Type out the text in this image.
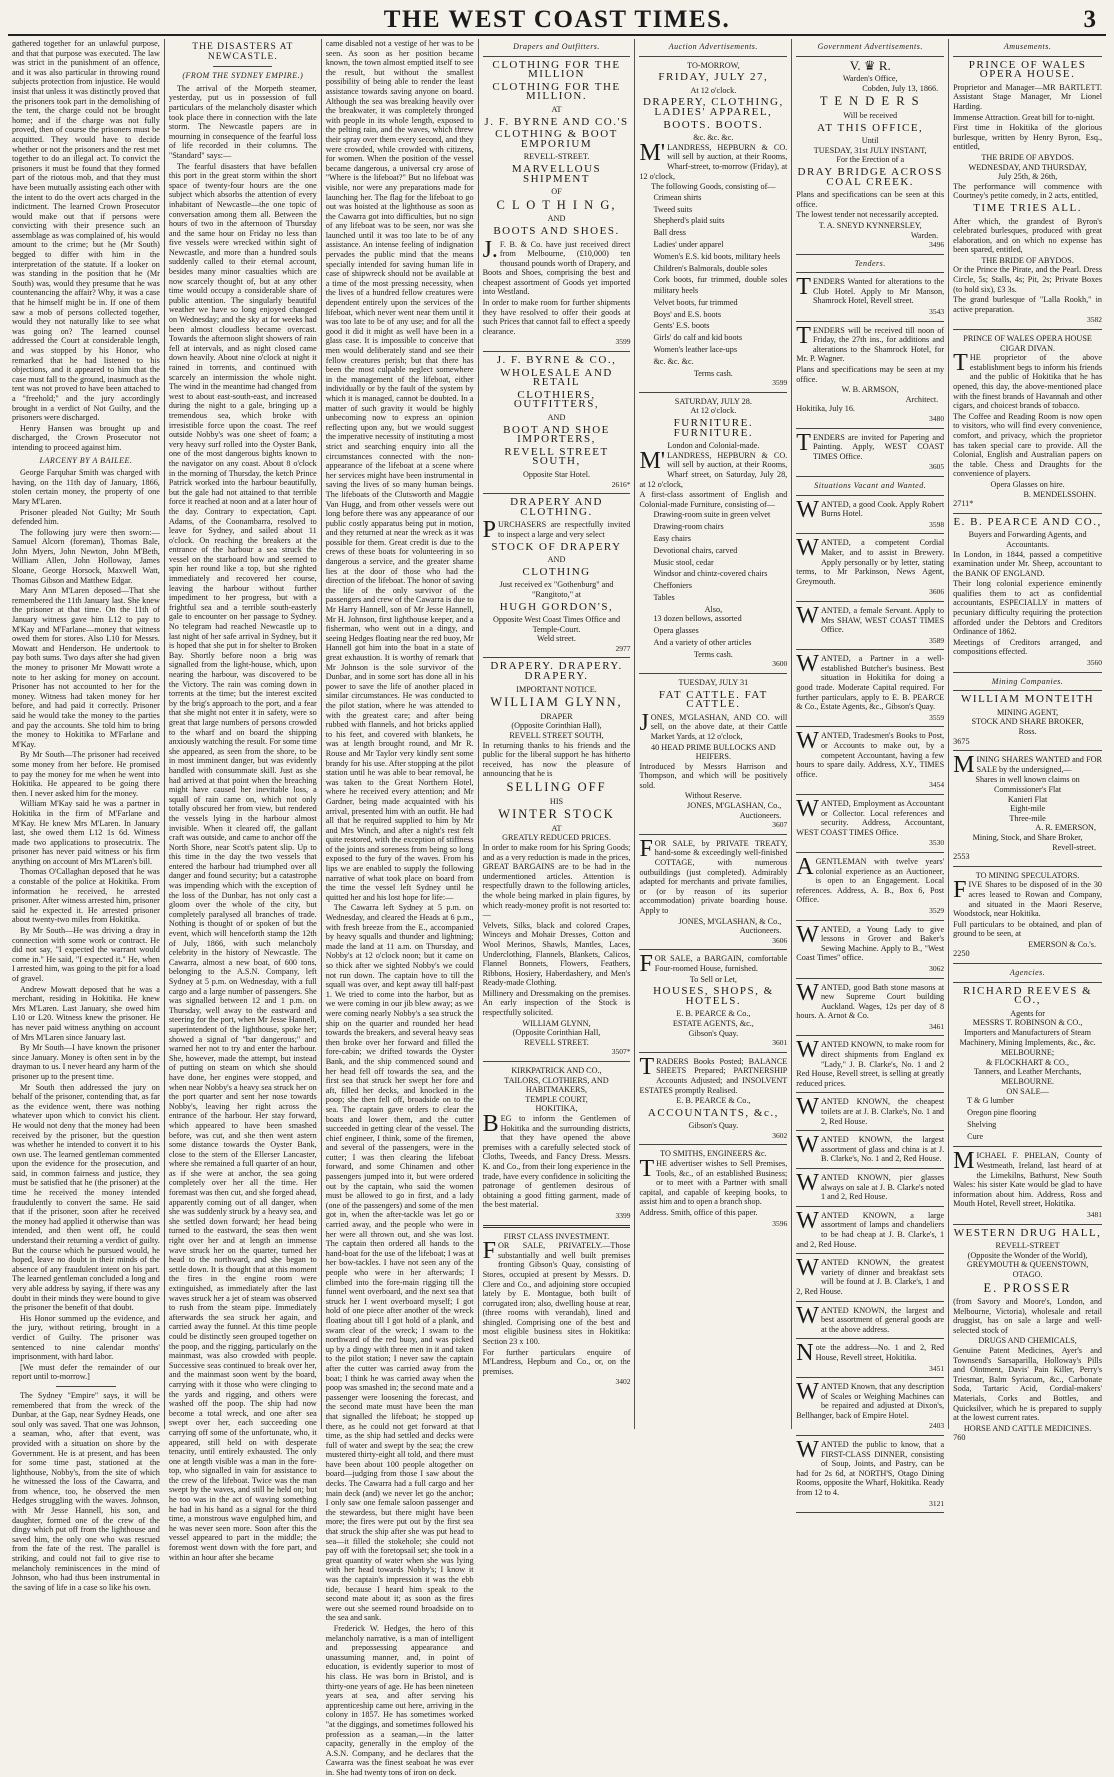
THE WEST COAST TIMES.	3

gathered together for an unlawful purpose, and that that purpose was executed. The law was strict in the punishment of an offence, and it was also particular in throwing round subjects protection from injustice. He would insist that unless it was distinctly proved that the prisoners took part in the demolishing of the tent, the charge could not be brought home; and if the charge was not fully proved, then of course the prisoners must be acquitted. They would have to decide whether or not the prisoners and the rest met together to do an illegal act. To convict the prisoners it must be found that they formed part of the riotous mob, and that they must have been mutually assisting each other with the intent to do the overt acts charged in the indictment. The learned Crown Prosecutor would make out that if persons were convicting with their presence such an assemblage as was complained of, his would amount to the crime; but he (Mr South) begged to differ with him in the interpretation of the statute. If a looker on was standing in the position that he (Mr South) was, would they presume that he was countenancing the affair? Why, it was a case that he himself might be in. If one of them saw a mob of persons collected together, would they not naturally like to see what was going on? The learned counsel addressed the Court at considerable length, and was stopped by his Honor, who remarked that he had listened to his objections, and it appeared to him that the case must fall to the ground, inasmuch as the tent was not proved to have been attached to a "freehold;" and the jury accordingly brought in a verdict of Not Guilty, and the prisoners were discharged.

Henry Hansen was brought up and discharged, the Crown Prosecutor not intending to proceed against him.

LARCENY BY A BAILEE.

George Farquhar Smith was charged with having, on the 11th day of January, 1866, stolen certain money, the property of one Mary M'Laren.

Prisoner pleaded Not Guilty; Mr South defended him.

The following jury were then sworn:—Samuel Alcorn (foreman), Thomas Bale, John Myers, John Newton, John M'Beth, William Allen, John Holloway, James Sloane, George Horsock, Maxwell Watt, Thomas Gibson and Matthew Edgar.

Mary Ann M'Laren deposed—That she remembered the 11th January last. She knew the prisoner at that time. On the 11th of January witness gave him L12 to pay to M'Kay and M'Farlane—money that witness owed them for stores. Also L10 for Messrs. Mowatt and Henderson. He undertook to pay both sums. Two days after she had given the money to prisoner Mr Mowatt wrote a note to her asking for money on account. Prisoner has not accounted to her for the money. Witness had taken money for her before, and had paid it correctly. Prisoner said he would take the money to the parties and pay the accounts. She told him to bring the money to Hokitika to M'Farlane and M'Kay.

By Mr South—The prisoner had received some money from her before. He promised to pay the money for me when he went into Hokitika. He appeared to be going there then. I never asked him for the money.

William M'Kay said he was a partner in Hokitika in the firm of M'Farlane and M'Kay. He knew Mrs M'Laren. In January last, she owed them L12 1s 6d. Witness made two applications to prosecutrix. The prisoner has never paid witness or his firm anything on account of Mrs M'Laren's bill.

Thomas O'Callaghan deposed that he was a constable of the police at Hokitika. From information he received, he arrested prisoner. After witness arrested him, prisoner said he expected it. He arrested prisoner about twenty-two miles from Hokitika.

By Mr South—He was driving a dray in connection with some work or contract. He did not say, "I expected the warrant would come in." He said, "I expected it." He, when I arrested him, was going to the pit for a load of gravel.

Andrew Mowatt deposed that he was a merchant, residing in Hokitika. He knew Mrs M'Laren. Last January, she owed him L10 or L20. Witness knew the prisoner. He has never paid witness anything on account of Mrs M'Laren since January last.

By Mr South—I have known the prisoner since January. Money is often sent in by the drayman to us. I never heard any harm of the prisoner up to the present time.

Mr South then addressed the jury on behalf of the prisoner, contending that, as far as the evidence went, there was nothing whatever upon which to convict his client. He would not deny that the money had been received by the prisoner, but the question was whether he intended to convert it to his own use. The learned gentleman commented upon the evidence for the prosecution, and said, in common fairness and justice, they must be satisfied that he (the prisoner) at the time he received the money intended fraudulently to convert the same. He said that if the prisoner, soon after he received the money had applied it otherwise than was intended, and then went off, he could understand their returning a verdict of guilty. But the course which he pursued would, he hoped, leave no doubt in their minds of the absence of any fraudulent intent on his part. The learned gentleman concluded a long and very able address by saying, if there was any doubt in their minds they were bound to give the prisoner the benefit of that doubt.

His Honor summed up the evidence, and the jury, without retiring, brought in a verdict of Guilty. The prisoner was sentenced to nine calendar months' imprisonment, with hard labor.

[We must defer the remainder of our report until to-morrow.]

The Sydney "Empire" says, it will be remembered that from the wreck of the Dunbar, at the Gap, near Sydney Heads, one soul only was saved. That one was Johnson, a seaman, who, after that event, was provided with a situation on shore by the Government. He is at present, and has been for some time past, stationed at the lighthouse, Nobby's, from the site of which he witnessed the loss of the Cawarra, and from whence, too, he observed the men Hedges struggling with the waves. Johnson, with Mr Jesse Hannell, his son, and daughter, formed one of the crew of the dingy which put off from the lighthouse and saved him, the only one who was rescued from the fate of the rest. The parallel is striking, and could not fail to give rise to melancholy reminiscences in the mind of Johnson, who had thus been instrumental in the saving of life in a case so like his own.

THE DISASTERS AT NEWCASTLE.
(FROM THE SYDNEY EMPIRE.)

The arrival of the Morpeth steamer, yesterday, put us in possession of full particulars of the melancholy disaster which took place there in connection with the late storm. The Newcastle papers are in mourning in consequence of the fearful loss of life recorded in their columns. The "Standard" says:—

The fearful disasters that have befallen this port in the great storm within the short space of twenty-four hours are the one subject which absorbs the attention of every inhabitant of Newcastle—the one topic of conversation among them all. Between the hours of two in the afternoon of Thursday and the same hour on Friday no less than five vessels were wrecked within sight of Newcastle, and more than a hundred souls suddenly called to their eternal account, besides many minor casualties which are now scarcely thought of, but at any other time would occupy a considerable share of public attention. The singularly beautiful weather we have so long enjoyed changed on Wednesday; and the sky at for weeks had been almost cloudless became overcast. Towards the afternoon slight showers of rain fell at intervals, and as night closed came down heavily. About nine o'clock at night it rained in torrents, and continued with scarcely an intermission the whole night. The wind in the meantime had changed from west to about east-south-east, and increased during the night to a gale, bringing up a tremendous sea, which broke with irresistible force upon the coast. The reef outside Nobby's was one sheet of foam; a very heavy surf rolled into the Oyster Bank, one of the most dangerous bights known to the navigator on any coast. About 8 o'clock in the morning of Thursday, the ketch Prince Patrick worked into the harbour beautifully, but the gale had not attained to that terrible force it reached at noon and at a later hour of the day. Contrary to expectation, Capt. Adams, of the Coonambarra, resolved to leave for Sydney, and sailed about 11 o'clock. On reaching the breakers at the entrance of the harbour a sea struck the vessel on the starboard bow and seemed to spin her round like a top, but she righted immediately and recovered her course, leaving the harbour without further impediment to her progress, but with a frightful sea and a terrible south-easterly gale to encounter on her passage to Sydney. No telegram had reached Newcastle up to last night of her safe arrival in Sydney, but it is hoped that she put in for shelter to Broken Bay. Shortly before noon a brig was signalled from the light-house, which, upon nearing the harbour, was discovered to be the Victory. The rain was coming down in torrents at the time; but the interest excited by the brig's approach to the port, and a fear that she might not enter it in safety, were so great that large numbers of persons crowded to the wharf and on board the shipping anxiously watching the result. For some time she appeared, as seen from the shore, to be in most imminent danger, but was evidently handled with consummate skill. Just as she had arrived at that point when the breaching might have caused her inevitable loss, a squall of rain came on, which not only totally obscured her from view, but rendered the vessels lying in the harbour almost invisible. When it cleared off, the gallant craft was outside, and came to anchor off the North Shore, near Scott's patent slip. Up to this time in the day the two vessels that entered the harbour had triumphed over all danger and found security; but a catastrophe was impending which with the exception of the loss of the Dunbar, has not only cast a gloom over the whole of the city, but completely paralysed all branches of trade. Nothing is thought of or spoken of but the event, which will henceforth stamp the 12th of July, 1866, with such melancholy celebrity in the history of Newcastle. The Cawarra, almost a new boat, of 600 tons, belonging to the A.S.N. Company, left Sydney at 5 p.m. on Wednesday, with a full cargo and a large number of passengers. She was signalled between 12 and 1 p.m. on Thursday, well away to the eastward and steering for the port, when Mr Jesse Hannell, superintendent of the lighthouse, spoke her; showed a signal of "bar dangerous;" and warned her not to try and enter the harbour. She, however, made the attempt, but instead of putting on steam on which she should have done, her engines were stopped, and when near Nobby's a heavy sea struck her on the port quarter and sent her nose towards Nobby's, leaving her right across the entrance of the harbour. Her stay forward, which appeared to have been smashed before, was cut, and she then went astern some distance towards the Oyster Bank, close to the stern of the Ellerser Lancaster, where she remained a full quarter of an hour, as if she were at anchor, the sea going completely over her all the time. Her foremast was then cut, and she forged ahead, apparently coming out of all danger, when she was suddenly struck by a heavy sea, and she settled down forward; her head being turned to the eastward, the seas then went right over her and at length an immense wave struck her on the quarter, turned her head to the northward, and she began to settle down. It is thought that at this moment the fires in the engine room were extinguished, as immediately after the last waves struck her a jet of steam was observed to rush from the steam pipe. Immediately afterwards the sea struck her again, and carried away the funnel. At this time people could be distinctly seen grouped together on the poop, and the rigging, particularly on the mainmast, was also crowded with people. Successive seas continued to break over her, and the mainmast soon went by the board, carrying with it those who were clinging to the yards and rigging, and others were washed off the poop. The ship had now become a total wreck, and one after sea swept over her, each succeeding one carrying off some of the unfortunate, who, it appeared, still held on with desperate tenacity, until entirely exhausted. The only one at length visible was a man in the fore-top, who signalled in vain for assistance to the crew of the lifeboat. Twice was the man swept by the waves, and still he held on; but he too was in the act of waving something he had in his hand as a signal for the third time, a monstrous wave engulphed him, and he was never seen more. Soon after this the vessel appeared to part in the middle; the foremost went down with the fore part, and within an hour after she became

came disabled not a vestige of her was to be seen. As soon as her position became known, the town almost emptied itself to see the result, but without the smallest possibility of being able to render the least assistance towards saving anyone on board. Although the sea was breaking heavily over the breakwater, it was completely thronged with people in its whole length, exposed to the pelting rain, and the waves, which threw their spray over them every second, and they were crowded, while crowded with citizens, for women. When the position of the vessel became dangerous, a universal cry arose of "Where is the lifeboat?" But no lifeboat was visible, nor were any preparations made for launching her. The flag for the lifeboat to go out was hoisted at the lighthouse as soon as the Cawarra got into difficulties, but no sign of any lifeboat was to be seen, nor was she launched until it was too late to be of any assistance. An intense feeling of indignation pervades the public mind that the means specially intended for saving human life in case of shipwreck should not be available at a time of the most pressing necessity, when the lives of a hundred fellow creatures were dependent entirely upon the services of the lifeboat, which never went near them until it was too late to be of any use; and for all the good it did it might as well have been in a glass case. It is impossible to conceive that men would deliberately stand and see their fellow creatures perish; but that there has been the most culpable neglect somewhere in the management of the lifeboat, either individually or by the fault of the system by which it is managed, cannot be doubted. In a matter of such gravity it would be highly unbecoming now to express an opinion reflecting upon any, but we would suggest the imperative necessity of instituting a most strict and searching enquiry into all the circumstances connected with the non-appearance of the lifeboat at a scene where her services might have been instrumental in saving the lives of so many human beings. The lifeboats of the Clutsworth and Maggie Van Hugg, and from other vessels were out long before there was any appearance of our public costly apparatus being put in motion, and they returned at near the wreck as it was possible for them. Great credit is due to the crews of these boats for volunteering in so dangerous a service, and the greater shame lies at the door of those who had the direction of the lifeboat. The honor of saving the life of the only survivor of the passengers and crew of the Cawarra is due to Mr Harry Hannell, son of Mr Jesse Hannell, Mr H. Johnson, first lighthouse keeper, and a fisherman, who went out in a dingy, and seeing Hedges floating near the red buoy, Mr Hannell got him into the boat in a state of great exhaustion. It is worthy of remark that Mr Johnson is the sole survivor of the Dunbar, and in some sort has done all in his power to save the life of another placed in similar circumstances. He was conducted to the pilot station, where he was attended to with the greatest care; and after being rubbed with flannels, and hot bricks applied to his feet, and covered with blankets, he was at length brought round, and Mr R. Rouse and Mr Taylor very kindly sent some brandy for his use. After stopping at the pilot station until he was able to bear removal, he was taken to the Great Northern Hotel, where he received every attention; and Mr Gardner, being made acquainted with his arrival, presented him with an outfit. He had all that he required supplied to him by Mr and Mrs Winch, and after a night's rest felt quite restored, with the exception of stiffness of the joints and soreness from being so long exposed to the fury of the waves. From his lips we are enabled to supply the following narrative of what took place on board from the time the vessel left Sydney until he quitted her and his lost hope for life:—

The Cawarra left Sydney at 5 p.m. on Wednesday, and cleared the Heads at 6 p.m., with fresh breeze from the E., accompanied by heavy squalls and thunder and lightning; made the land at 11 a.m. on Thursday, and Nobby's at 12 o'clock noon; but it came on so thick after we sighted Nobby's we could not run down. The captain hove to till the squall was over, and kept away till half-past 1. We tried to come into the harbor, but as we were coming in our jib blew away; as we were coming nearly Nobby's a sea struck the ship on the quarter and rounded her head towards the breakers, and several heavy seas then broke over her forward and filled the fore-cabin; we drifted towards the Oyster Bank, and the ship commenced sound and her head fell off towards the sea, and the first sea that struck her swept her fore and aft, filled her decks, and knocked in the poop; she then fell off, broadside on to the sea. The captain gave orders to clear the boats and lower them, and the cutter succeeded in getting clear of the vessel. The chief engineer, I think, some of the firemen, and several of the passengers, were in the cutter; I was then clearing the lifeboat forward, and some Chinamen and other passengers jumped into it, but were ordered out by the captain, who said the women must be allowed to go in first, and a lady (one of the passengers) and some of the men got in, when the after-tackle was let go or carried away, and the people who were in her were all thrown out, and she was lost. The captain then ordered all hands to the hand-boat for the use of the lifeboat; I was at her bow-tackles. I have not seen any of the people who were in her afterwards; I climbed into the fore-main rigging till the funnel went overboard, and the next sea that struck her I went overboard myself; I got hold of one piece after another of the wreck floating about till I got hold of a plank, and swam clear of the wreck; I swam to the northward of the red buoy, and was picked up by a dingy with three men in it and taken to the pilot station; I never saw the captain after the cutter was carried away from the boat; I think he was carried away when the poop was smashed in; the second mate and a passenger were loosening the forecast, and the second mate must have been the man that signalled the lifeboat; he stopped up there, as he could not get forward at that time, as the ship had settled and decks were full of water and swept by the sea; the crew mustered thirty-eight all told, and there must have been about 100 people altogether on board—judging from those I saw about the decks. The Cawarra had a full cargo and her main deck (and) we never let go the anchor; I only saw one female saloon passenger and the stewardess, but there might have been more; the fires were put out by the first sea that struck the ship after she was put head to sea—it filled the stokehole; she could not pay off with the foretopsail set; she took in a great quantity of water when she was lying with her head towards Nobby's; I know it was the captain's impression it was the ebb tide, because I heard him speak to the second mate about it; as soon as the fires were out she seemed round broadside on to the sea and sank.

Frederick W. Hedges, the hero of this melancholy narrative, is a man of intelligent and prepossessing appearance and unassuming manner, and, in point of education, is evidently superior to most of his class. He was born in Bristol, and is thirty-one years of age. He has been nineteen years at sea, and after serving his apprenticeship came out here, arriving in the colony in 1857. He has sometimes worked "at the diggings, and sometimes followed his profession as a seaman,—in the latter capacity, generally in the employ of the A.S.N. Company, and he declares that the Cawarra was the finest seaboat he was ever in. She had twenty tons of iron on deck.

Drapers and Outfitters.
CLOTHING FOR THE MILLION
CLOTHING FOR THE MILLION.
AT
J. F. BYRNE AND CO.'S
CLOTHING & BOOT EMPORIUM
REVELL-STREET.
MARVELLOUS SHIPMENT
OF
C L O T H I N G,
AND
BOOTS AND SHOES.

J.F. B. & Co. have just received direct from Melbourne, (£10,000) ten thousand pounds worth of Drapery, and Boots and Shoes, comprising the best and cheapest assortment of Goods yet imported into Westland.

In order to make room for further shipments they have resolved to offer their goods at such Prices that cannot fail to effect a speedy clearance.

3599
J. F. BYRNE & CO.,
WHOLESALE AND RETAIL
CLOTHIERS, OUTFITTERS,
AND
BOOT AND SHOE IMPORTERS,
REVELL STREET SOUTH,
Opposite Star Hotel.
2616*
DRAPERY AND CLOTHING.

PURCHASERS are respectfully invited to inspect a large and very select

STOCK OF DRAPERY
AND
CLOTHING
Just received ex "Gothenburg" and "Rangitoto," at
HUGH GORDON'S,
Opposite West Coast Times Office and Temple-Court.
Weld street.
2977
DRAPERY. DRAPERY. DRAPERY.
IMPORTANT NOTICE.
WILLIAM GLYNN,
DRAPER
(Opposite Corinthian Hall),
REVELL STREET SOUTH,

In returning thanks to his friends and the public for the liberal support he has hitherto received, has now the pleasure of announcing that he is

SELLING OFF
HIS
WINTER STOCK
AT
GREATLY REDUCED PRICES.

In order to make room for his Spring Goods; and as a very reduction is made in the prices, GREAT BARGAINS are to be had in the undermentioned articles. Attention is respectfully drawn to the following articles, the whole being marked in plain figures, by which ready-money profit is not resorted to:—

Velvets, Silks, black and colored Crapes, Winceys and Mohair Dresses, Cotton and Wool Merinos, Shawls, Mantles, Laces, Underclothing, Flannels, Blankets, Calicos, Flannel Bonnets, Flowers, Feathers, Ribbons, Hosiery, Haberdashery, and Men's Ready-made Clothing.

Millinery and Dressmaking on the premises. An early inspection of the Stock is respectfully solicited.

WILLIAM GLYNN,
(Opposite Corinthian Hall,
REVELL STREET.
3507*
KIRKPATRICK AND CO.,
TAILORS, CLOTHIERS, AND HABITMAKERS,
TEMPLE COURT,
HOKITIKA,

BEG to inform the Gentlemen of Hokitika and the surrounding districts, that they have opened the above premises with a carefully selected stock of Cloths, Tweeds, and Fancy Dress. Messrs. K. and Co., from their long experience in the trade, have every confidence in soliciting the patronage of gentlemen desirous of obtaining a good fitting garment, made of the best material.

3399
FIRST CLASS INVESTMENT.

FOR SALE, PRIVATELY.—Those substantially and well built premises fronting Gibson's Quay, consisting of Stores, occupied at present by Messrs. D. Clere and Co., and adjoining store occupied lately by E. Montague, both built of corrugated iron; also, dwelling house at rear, (three rooms with verandah), lined and shingled. Comprising one of the best and most eligible business sites in Hokitika: Section 23 x 100.

For further particulars enquire of M'Landress, Hepburn and Co., or, on the premises.

3402
Auction Advertisements.
TO-MORROW,
FRIDAY, JULY 27,
At 12 o'clock.
DRAPERY, CLOTHING, LADIES' APPAREL,
BOOTS. BOOTS.
&c. &c. &c.

M'LANDRESS, HEPBURN & CO. will sell by auction, at their Rooms, Wharf-street, to-morrow (Friday), at 12 o'clock,

The following Goods, consisting of—

Crimean shirts

Tweed suits

Shepherd's plaid suits

Ball dress

Ladies' under apparel

Women's E.S. kid boots, military heels

Children's Balmorals, double soles

Cork boots, fur trimmed, double soles military heels

Velvet boots, fur trimmed

Boys' and E.S. boots

Gents' E.S. boots

Girls' do calf and kid boots

Women's leather lace-ups

&c. &c. &c.

Terms cash.
3599
SATURDAY, JULY 28.
At 12 o'clock.
FURNITURE. FURNITURE.
London and Colonial-made.

M'LANDRESS, HEPBURN & CO. will sell by auction, at their Rooms, Wharf street, on Saturday, July 28, at 12 o'clock,

A first-class assortment of English and Colonial-made Furniture, consisting of—

Drawing-room suite in green velvet

Drawing-room chairs

Easy chairs

Devotional chairs, carved

Music stool, cedar

Windsor and chintz-covered chairs

Cheffoniers

Tables

Also,

13 dozen bellows, assorted

Opera glasses

And a variety of other articles

Terms cash.
3600
TUESDAY, JULY 31
FAT CATTLE. FAT CATTLE.

JONES, M'GLASHAN, AND CO. will sell, on the above date, at their Cattle Market Yards, at 12 o'clock,

40 HEAD PRIME BULLOCKS AND HEIFERS.

Introduced by Messrs Harrison and Thompson, and which will be positively sold.

Without Reserve.
JONES, M'GLASHAN, Co.,
Auctioneers.
3607

FOR SALE, by PRIVATE TREATY, hand-some & exceedingly well-finished COTTAGE, with numerous outbuildings (just completed). Admirably adapted for merchants and private families, or (or by reason of its superior accommodation) private boarding house. Apply to

JONES, M'GLASHAN, & Co.,
Auctioneers.
3606

FOR SALE, a BARGAIN, comfortable Four-roomed House, furnished.

To Sell or Let,
HOUSES, SHOPS, & HOTELS.
E. B. PEARCE & Co.,
ESTATE AGENTS, &c.,
Gibson's Quay.
3601

TRADERS Books Posted; BALANCE SHEETS Prepared; PARTNERSHIP Accounts Adjusted; and INSOLVENT ESTATES promptly Realised.

E. B. PEARCE & Co.,
ACCOUNTANTS, &c.,
Gibson's Quay.
3602
TO SMITHS, ENGINEERS &c.

THE advertiser wishes to Sell Premises, Tools, &c., of an established Business; or to meet with a Partner with small capital, and capable of keeping books, to assist him and to open a branch shop.

Address. Smith, office of this paper.

3596
Government Advertisements.
V. ♛ R.
Warden's Office,
Cobden, July 13, 1866.
T E N D E R S
Will be received
AT THIS OFFICE,
Until
TUESDAY, 31st JULY INSTANT,
For the Erection of a
DRAY BRIDGE ACROSS COAL CREEK.

Plans and specifications can be seen at this office.

The lowest tender not necessarily accepted.

T. A. SNEYD KYNNERSLEY,
Warden.
3496
Tenders.

TENDERS Wanted for alterations to the Club Hotel. Apply to Mr Manson, Shamrock Hotel, Revell street.

3543

TENDERS will be received till noon of Friday, the 27th ins., for additions and alterations to the Shamrock Hotel, for Mr. P. Wagner.

Plans and specifications may be seen at my office.

W. B. ARMSON,
Architect.
Hokitika, July 16.
3480

TENDERS are invited for Papering and Painting. Apply, WEST COAST TIMES Office.

3605
Situations Vacant and Wanted.

WANTED, a good Cook. Apply Robert Burns Hotel.

3598

WANTED, a competent Cordial Maker, and to assist in Brewery. Apply personally or by letter, stating terms, to Mr Parkinson, News Agent, Greymouth.

3606

WANTED, a female Servant. Apply to Mrs SHAW, WEST COAST TIMES Office.

3589

WANTED, a Partner in a well-established Butcher's business. Best situation in Hokitika for doing a good trade. Moderate Capital required. For further particulars, apply to E. B. PEARCE & Co., Estate Agents, &c., Gibson's Quay.

3559

WANTED, Tradesmen's Books to Post, or Accounts to make out, by a competent Accountant, having a few hours to spare daily. Address, X.Y., TIMES office.

3454

WANTED, Employment as Accountant or Collector. Local references and security. Address, Accountant, WEST COAST TIMES Office.

3530

AGENTLEMAN with twelve years' colonial experience as an Auctioneer, is open to an Engagement. Local references. Address, A. B., Box 6, Post Office.

3529

WANTED, a Young Lady to give lessons in Grover and Baker's Sewing Machine. Apply to B., "West Coast Times" office.

3062

WANTED, good Bath stone masons at new Supreme Court building Auckland. Wages, 12s per day of 8 hours. A. Arnot & Co.

3461

WANTED KNOWN, to make room for direct shipments from England ex "Lady," J. B. Clarke's, No. 1 and 2 Red House, Revell street, is selling at greatly reduced prices.

WANTED KNOWN, the cheapest toilets are at J. B. Clarke's, No. 1 and 2, Red House.

WANTED KNOWN, the largest assortment of glass and china is at J. B. Clarke's, No. 1 and 2, Red House.

WANTED KNOWN, pier glasses always on sale at J. B. Clarke's noted 1 and 2, Red House.

WANTED KNOWN, a large assortment of lamps and chandeliers to be had cheap at J. B. Clarke's, 1 and 2, Red House.

WANTED KNOWN, the greatest variety of dinner and breakfast sets will be found at J. B. Clarke's, 1 and 2, Red House.

WANTED KNOWN, the largest and best assortment of general goods are at the above address.

Note the address—No. 1 and 2, Red House, Revell street, Hokitika.

3451

WANTED Known, that any description of Scales or Weighing Machines can be repaired and adjusted at Dixon's, Bellhanger, back of Empire Hotel.

2403

WANTED the public to know, that a FIRST-CLASS DINNER, consisting of Soup, Joints, and Pastry, can be had for 2s 6d, at NORTH'S, Otago Dining Rooms, opposite the Wharf, Hokitika. Ready from 12 to 4.

3121
Amusements.
PRINCE OF WALES OPERA HOUSE.

Proprietor and Manager—MR BARTLETT. Assistant Stage Manager, Mr Lionel Harding.

Immense Attraction. Great bill for to-night.

First time in Hokitika of the glorious burlesque, written by Henry Byron, Esq., entitled,

THE BRIDE OF ABYDOS.
WEDNESDAY, AND THURSDAY,
July 25th, & 26th,

The performance will commence with Courtney's petite comedy, in 2 acts, entitled,

TIME TRIES ALL.

After which, the grandest of Byron's celebrated burlesques, produced with great elaboration, and on which no expense has been spared, entitled,

THE BRIDE OF ABYDOS.

Or the Prince the Pirate, and the Pearl. Dress Circle, 5s; Stalls, 4s; Pit, 2s; Private Boxes (to hold six), £3 3s.

The grand burlesque of "Lalla Rookh," in active preparation.

3582
PRINCE OF WALES OPERA HOUSE CIGAR DIVAN.

THE proprietor of the above establishment begs to inform his friends and the public of Hokitika that he has opened, this day, the above-mentioned place with the finest brands of Havannah and other cigars, and choicest brands of tobacco.

The Coffee and Reading Room is now open to visitors, who will find every convenience, comfort, and privacy, which the proprietor has taken special care to provide. All the Colonial, English and Australian papers on the table. Chess and Draughts for the convenience of players.

Opera Glasses on hire.
B. MENDELSSOHN.
2711*
E. B. PEARCE AND CO.,
Buyers and Forwarding Agents, and Accountants.

In London, in 1844, passed a competitive examination under Mr. Sheep, accountant to the BANK OF ENGLAND.

Their long colonial experience eminently qualifies them to act as confidential accountants, ESPECIALLY in matters of pecuniary difficulty requiring the protection afforded under the Debtors and Creditors Ordinance of 1862.

Meetings of Creditors arranged, and compositions effected.

3560
Mining Companies.
WILLIAM MONTEITH
MINING AGENT,
STOCK AND SHARE BROKER,
Ross.
3675

MINING SHARES WANTED and FOR SALE by the undersigned,—

Shares in well known claims on
Commissioner's Flat
Kanieri Flat
Eight-mile
Three-mile
A. R. EMERSON,
Mining, Stock, and Share Broker,
Revell-street.
2553
TO MINING SPECULATORS.

FIVE Shares to be disposed of in the 30 acres leased to Rowan and Company, and situated in the Maori Reserve, Woodstock, near Hokitika.

Full particulars to be obtained, and plan of ground to be seen, at

EMERSON & Co.'s.
2250
Agencies.
RICHARD REEVES & CO.,
Agents for
MESSRS T. ROBINSON & CO.,

Importers and Manufacturers of Steam Machinery, Mining Implements, &c., &c.

MELBOURNE;
& FLOCKHART & CO.,
Tanners, and Leather Merchants, MELBOURNE.
ON SALE—

T & G lumber

Oregon pine flooring

Shelving

Cure

MICHAEL F. PHELAN, County of Westmeath, Ireland, last heard of at the Limekilns, Bathurst, New South Wales: his sister Kate would be glad to have information about him. Address, Ross and Mouth Hotel, Revell street, Hokitika.

3481
WESTERN DRUG HALL,
REVELL-STREET
(Opposite the Wonder of the World),
GREYMOUTH & QUEENSTOWN,
OTAGO.
E. PROSSER

(from Savory and Moore's, London, and Melbourne, Victoria), wholesale and retail druggist, has on sale a large and well-selected stock of

DRUGS AND CHEMICALS,

Genuine Patent Medicines, Ayer's and Townsend's Sarsaparilla, Holloway's Pills and Ointment, Davis' Pain Killer, Perry's Triesmar, Balm Syriacum, &c., Carbonate Soda, Tartaric Acid, Cordial-makers' Materials, Corks and Bottles, and Quicksilver, which he is prepared to supply at the lowest current rates.

HORSE AND CATTLE MEDICINES.
760
